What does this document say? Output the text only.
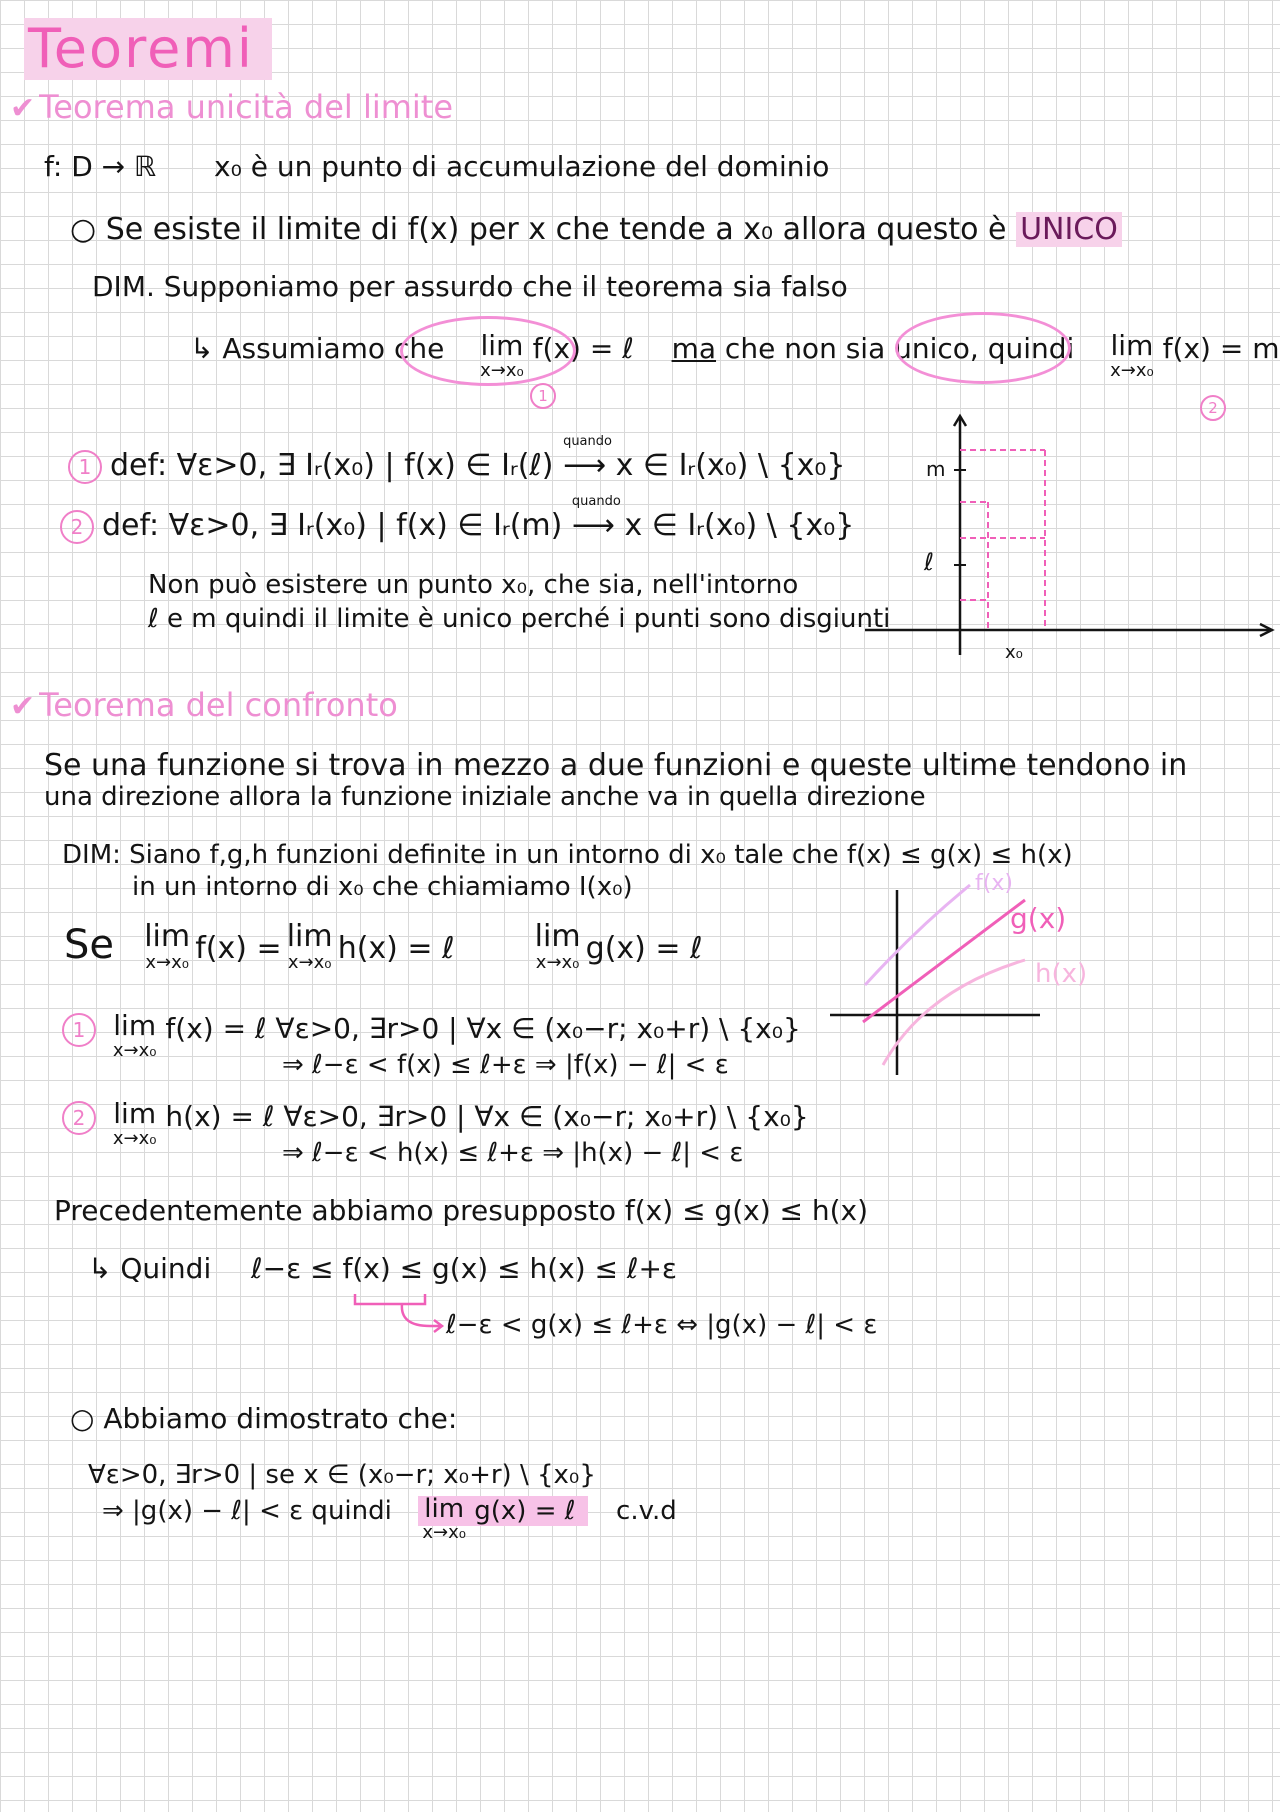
Teoremi
✔ Teorema unicità del limite
f: D → ℝ x₀ è un punto di accumulazione del dominio
○ Se esiste il limite di f(x) per x che tende a x₀ allora questo è UNICO
DIM. Supponiamo per assurdo che il teorema sia falso
↳ Assumiamo che lim
x→x₀
f(x) = ℓ ma che non sia unico, quindi lim
x→x₀
f(x) = m
1
2
1 def: ∀ε>0, ∃ Iᵣ(x₀) | f(x) ∈ Iᵣ(ℓ)
quando
⟶ x ∈ Iᵣ(x₀) \ {x₀}
2 def: ∀ε>0, ∃ Iᵣ(x₀) | f(x) ∈ Iᵣ(m)
quando
⟶ x ∈ Iᵣ(x₀) \ {x₀}
Non può esistere un punto x₀, che sia, nell'intorno
ℓ e m quindi il limite è unico perché i punti sono disgiunti
m
ℓ
x₀
✔ Teorema del confronto
Se una funzione si trova in mezzo a due funzioni e queste ultime tendono in
una direzione allora la funzione iniziale anche va in quella direzione
DIM: Siano f,g,h funzioni definite in un intorno di x₀ tale che f(x) ≤ g(x) ≤ h(x)
in un intorno di x₀ che chiamiamo I(x₀)
Se lim
x→x₀ f(x) = lim
x→x₀ h(x) = ℓ	lim
x→x₀ g(x) = ℓ
f(x)
g(x)
h(x)
1 lim
x→x₀
f(x) = ℓ ∀ε>0, ∃r>0 | ∀x ∈ (x₀−r; x₀+r) \ {x₀}
⇒ ℓ−ε < f(x) ≤ ℓ+ε ⇒ |f(x) − ℓ| < ε
2 lim
x→x₀
h(x) = ℓ ∀ε>0, ∃r>0 | ∀x ∈ (x₀−r; x₀+r) \ {x₀}
⇒ ℓ−ε < h(x) ≤ ℓ+ε ⇒ |h(x) − ℓ| < ε
Precedentemente abbiamo presupposto f(x) ≤ g(x) ≤ h(x)
↳ Quindi ℓ−ε ≤ f(x) ≤ g(x) ≤ h(x) ≤ ℓ+ε
ℓ−ε < g(x) ≤ ℓ+ε ⇔ |g(x) − ℓ| < ε
○ Abbiamo dimostrato che:
∀ε>0, ∃r>0 | se x ∈ (x₀−r; x₀+r) \ {x₀}
⇒ |g(x) − ℓ| < ε quindi lim
x→x₀
g(x) = ℓ c.v.d
